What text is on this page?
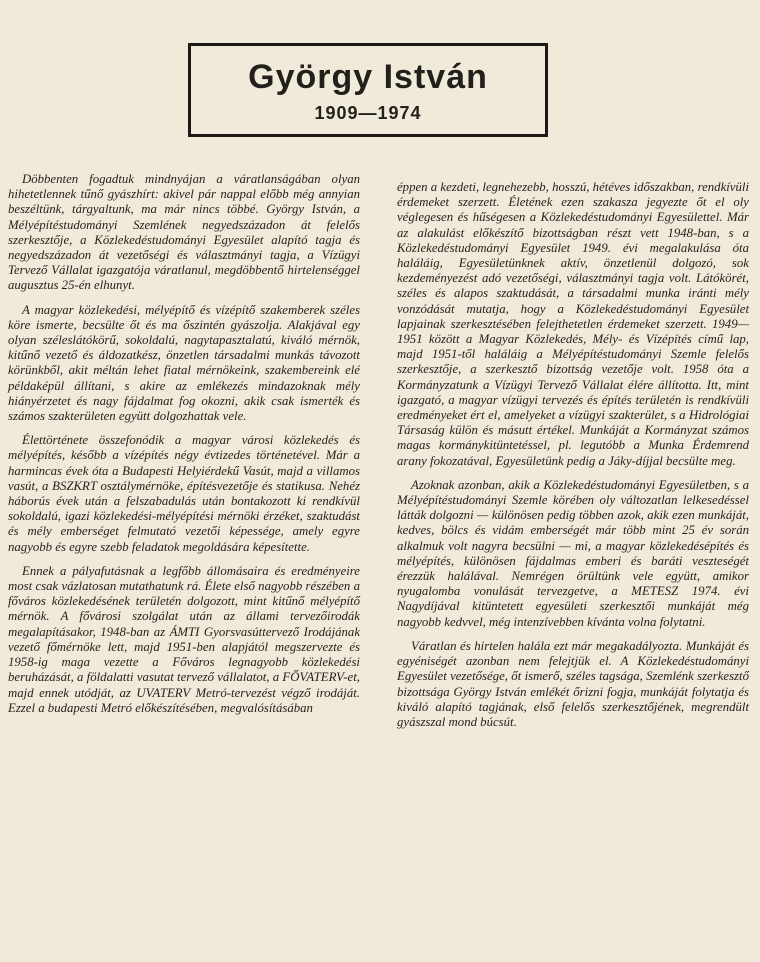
György István
1909—1974

Döbbenten fogadtuk mindnyájan a váratlanságában olyan hihetetlennek tűnő gyászhírt: akivel pár nappal előbb még annyian beszéltünk, tárgyaltunk, ma már nincs többé. György István, a Mélyépítéstudományi Szemlének negyedszázadon át felelős szerkesztője, a Közlekedéstudományi Egyesület alapító tagja és negyedszázadon át vezetőségi és választmányi tagja, a Vízügyi Tervező Vállalat igazgatója váratlanul, megdöbbentő hirtelenséggel augusztus 25-én elhunyt.

A magyar közlekedési, mélyépítő és vízépítő szakemberek széles köre ismerte, becsülte őt és ma őszintén gyászolja. Alakjával egy olyan széleslátókörű, sokoldalú, nagytapasztalatú, kiváló mérnök, kitűnő vezető és áldozatkész, önzetlen társadalmi munkás távozott körünkből, akit méltán lehet fiatal mérnökeink, szakembereink elé példaképül állítani, s akire az emlékezés mindazoknak mély hiányérzetet és nagy fájdalmat fog okozni, akik csak ismerték és számos szakterületen együtt dolgozhattak vele.

Élettörténete összefonódik a magyar városi közlekedés és mélyépítés, később a vízépítés négy évtizedes történetével. Már a harmincas évek óta a Budapesti Helyiérdekű Vasút, majd a villamos vasút, a BSZKRT osztálymérnöke, építésvezetője és statikusa. Nehéz háborús évek után a felszabadulás után bontakozott ki rendkívül sokoldalú, igazi közlekedési-mélyépítési mérnöki érzéket, szaktudást és mély emberséget felmutató vezetői képessége, amely egyre nagyobb és egyre szebb feladatok megoldására képesítette.

Ennek a pályafutásnak a legfőbb állomásaira és eredményeire most csak vázlatosan mutathatunk rá. Élete első nagyobb részében a főváros közlekedésének területén dolgozott, mint kitűnő mélyépítő mérnök. A fővárosi szolgálat után az állami tervezőirodák megalapításakor, 1948-ban az ÁMTI Gyorsvasúttervező Irodájának vezető főmérnöke lett, majd 1951-ben alapjától megszervezte és 1958-ig maga vezette a Főváros legnagyobb közlekedési beruházását, a földalatti vasutat tervező vállalatot, a FŐVATERV-et, majd ennek utódját, az UVATERV Metró-tervezést végző irodáját. Ezzel a budapesti Metró előkészítésében, megvalósításában

éppen a kezdeti, legnehezebb, hosszú, hétéves időszakban, rendkívüli érdemeket szerzett. Életének ezen szakasza jegyezte őt el oly véglegesen és hűségesen a Közlekedéstudományi Egyesülettel. Már az alakulást előkészítő bizottságban részt vett 1948-ban, s a Közlekedéstudományi Egyesület 1949. évi megalakulása óta haláláig, Egyesületünknek aktív, önzetlenül dolgozó, sok kezdeményezést adó vezetőségi, választmányi tagja volt. Látókörét, széles és alapos szaktudását, a társadalmi munka iránti mély vonzódását mutatja, hogy a Közlekedéstudományi Egyesület lapjainak szerkesztésében felejthetetlen érdemeket szerzett. 1949—1951 között a Magyar Közlekedés, Mély- és Vízépítés című lap, majd 1951-től haláláig a Mélyépítéstudományi Szemle felelős szerkesztője, a szerkesztő bizottság vezetője volt. 1958 óta a Kormányzatunk a Vízügyi Tervező Vállalat élére állította. Itt, mint igazgató, a magyar vízügyi tervezés és építés területén is rendkívüli eredményeket ért el, amelyeket a vízügyi szakterület, s a Hidrológiai Társaság külön és másutt értékel. Munkáját a Kormányzat számos magas kormánykitüntetéssel, pl. legutóbb a Munka Érdemrend arany fokozatával, Egyesületünk pedig a Jáky-díjjal becsülte meg.

Azoknak azonban, akik a Közlekedéstudományi Egyesületben, s a Mélyépítéstudományi Szemle körében oly változatlan lelkesedéssel látták dolgozni — különösen pedig többen azok, akik ezen munkáját, kedves, bölcs és vidám emberségét már több mint 25 év során alkalmuk volt nagyra becsülni — mi, a magyar közlekedésépítés és mélyépítés, különösen fájdalmas emberi és baráti veszteségét érezzük halálával. Nemrégen örültünk vele együtt, amikor nyugalomba vonulását tervezgetve, a METESZ 1974. évi Nagydíjával kitüntetett egyesületi szerkesztői munkáját még nagyobb kedvvel, még intenzívebben kívánta volna folytatni.

Váratlan és hirtelen halála ezt már megakadályozta. Munkáját és egyéniségét azonban nem felejtjük el. A Közlekedéstudományi Egyesület vezetősége, őt ismerő, széles tagsága, Szemlénk szerkesztő bizottsága György István emlékét őrizni fogja, munkáját folytatja és kiváló alapító tagjának, első felelős szerkesztőjének, megrendült gyászszal mond búcsút.
